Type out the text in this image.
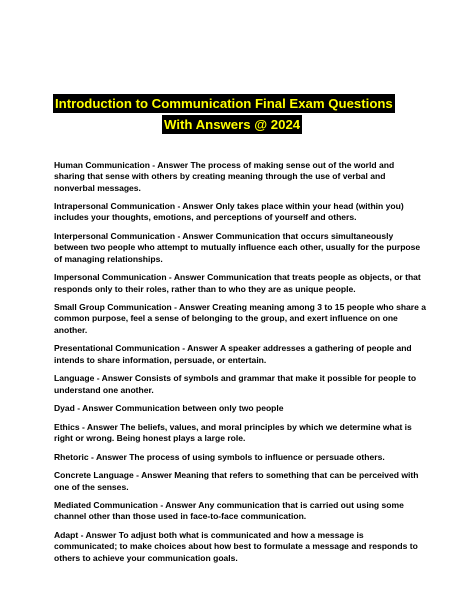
Introduction to Communication Final Exam Questions
With Answers @ 2024

Human Communication - Answer The process of making sense out of the world and sharing that sense with others by creating meaning through the use of verbal and nonverbal messages.

Intrapersonal Communication - Answer Only takes place within your head (within you) includes your thoughts, emotions, and perceptions of yourself and others.

Interpersonal Communication - Answer Communication that occurs simultaneously between two people who attempt to mutually influence each other, usually for the purpose of managing relationships.

Impersonal Communication - Answer Communication that treats people as objects, or that responds only to their roles, rather than to who they are as unique people.

Small Group Communication - Answer Creating meaning among 3 to 15 people who share a common purpose, feel a sense of belonging to the group, and exert influence on one another.

Presentational Communication - Answer A speaker addresses a gathering of people and intends to share information, persuade, or entertain.

Language - Answer Consists of symbols and grammar that make it possible for people to understand one another.

Dyad - Answer Communication between only two people

Ethics - Answer The beliefs, values, and moral principles by which we determine what is right or wrong. Being honest plays a large role.

Rhetoric - Answer The process of using symbols to influence or persuade others.

Concrete Language - Answer Meaning that refers to something that can be perceived with one of the senses.

Mediated Communication - Answer Any communication that is carried out using some channel other than those used in face-to-face communication.

Adapt - Answer To adjust both what is communicated and how a message is communicated; to make choices about how best to formulate a message and responds to others to achieve your communication goals.
